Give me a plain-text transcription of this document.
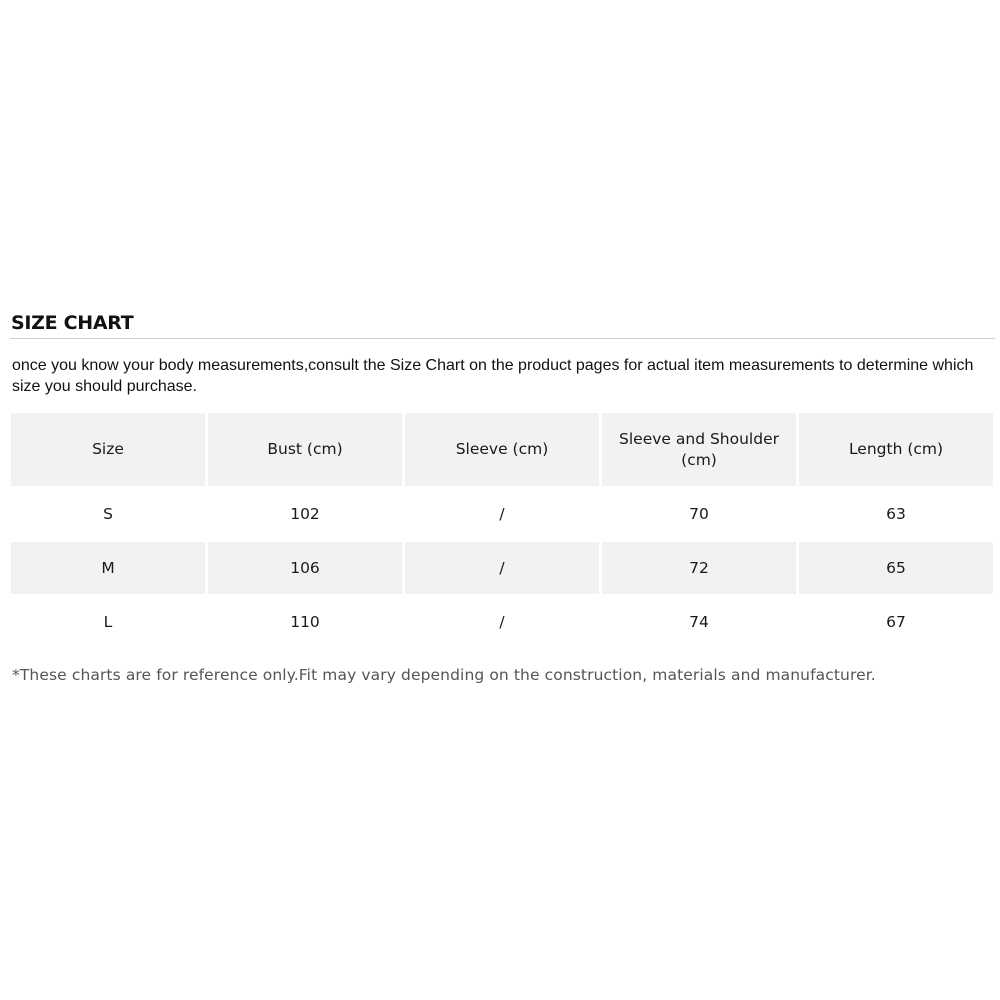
SIZE CHART
once you know your body measurements,consult the Size Chart on the product pages for actual item measurements to determine which size you should purchase.
Size	Bust (cm)	Sleeve (cm)	Sleeve and Shoulder (cm)	Length (cm)
S	102	/	70	63
M	106	/	72	65
L	110	/	74	67
*These charts are for reference only.Fit may vary depending on the construction, materials and manufacturer.
